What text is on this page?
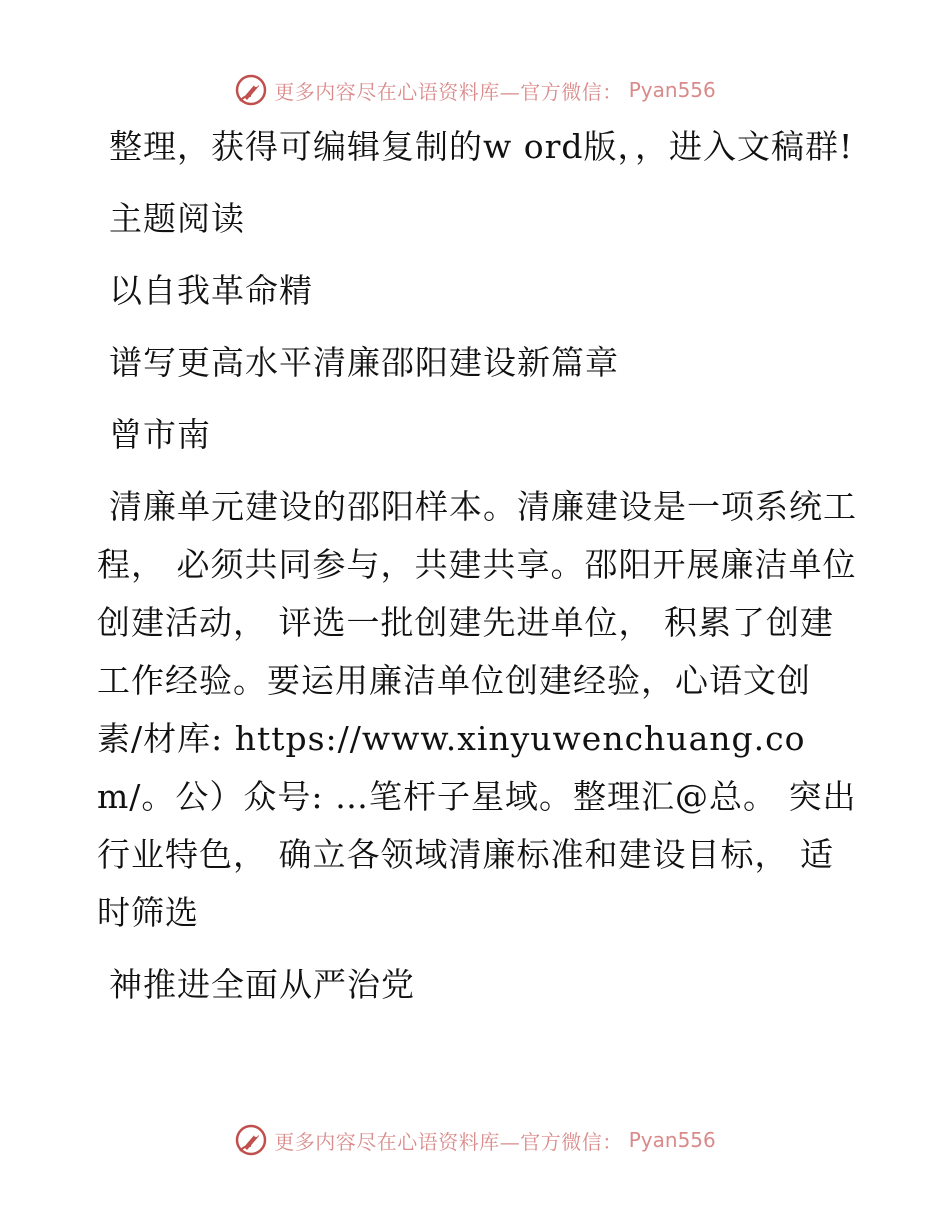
更多内容尽在心语资料库—官方微信： Pyan556

整理，获得可编辑复制的w ord版，，进入文稿群!

主题阅读

以自我革命精

谱写更高水平清廉邵阳建设新篇章

曾市南

清廉单元建设的邵阳样本。清廉建设是一项系统工程， 必须共同参与，共建共享。邵阳开展廉洁单位创建活动， 评选一批创建先进单位， 积累了创建工作经验。要运用廉洁单位创建经验，心语文创素/材库: https://www.xinyuwenchuang.com/。公）众号: …笔杆子星域。整理汇@总。 突出行业特色， 确立各领域清廉标准和建设目标， 适时筛选

神推进全面从严治党

更多内容尽在心语资料库—官方微信： Pyan556
